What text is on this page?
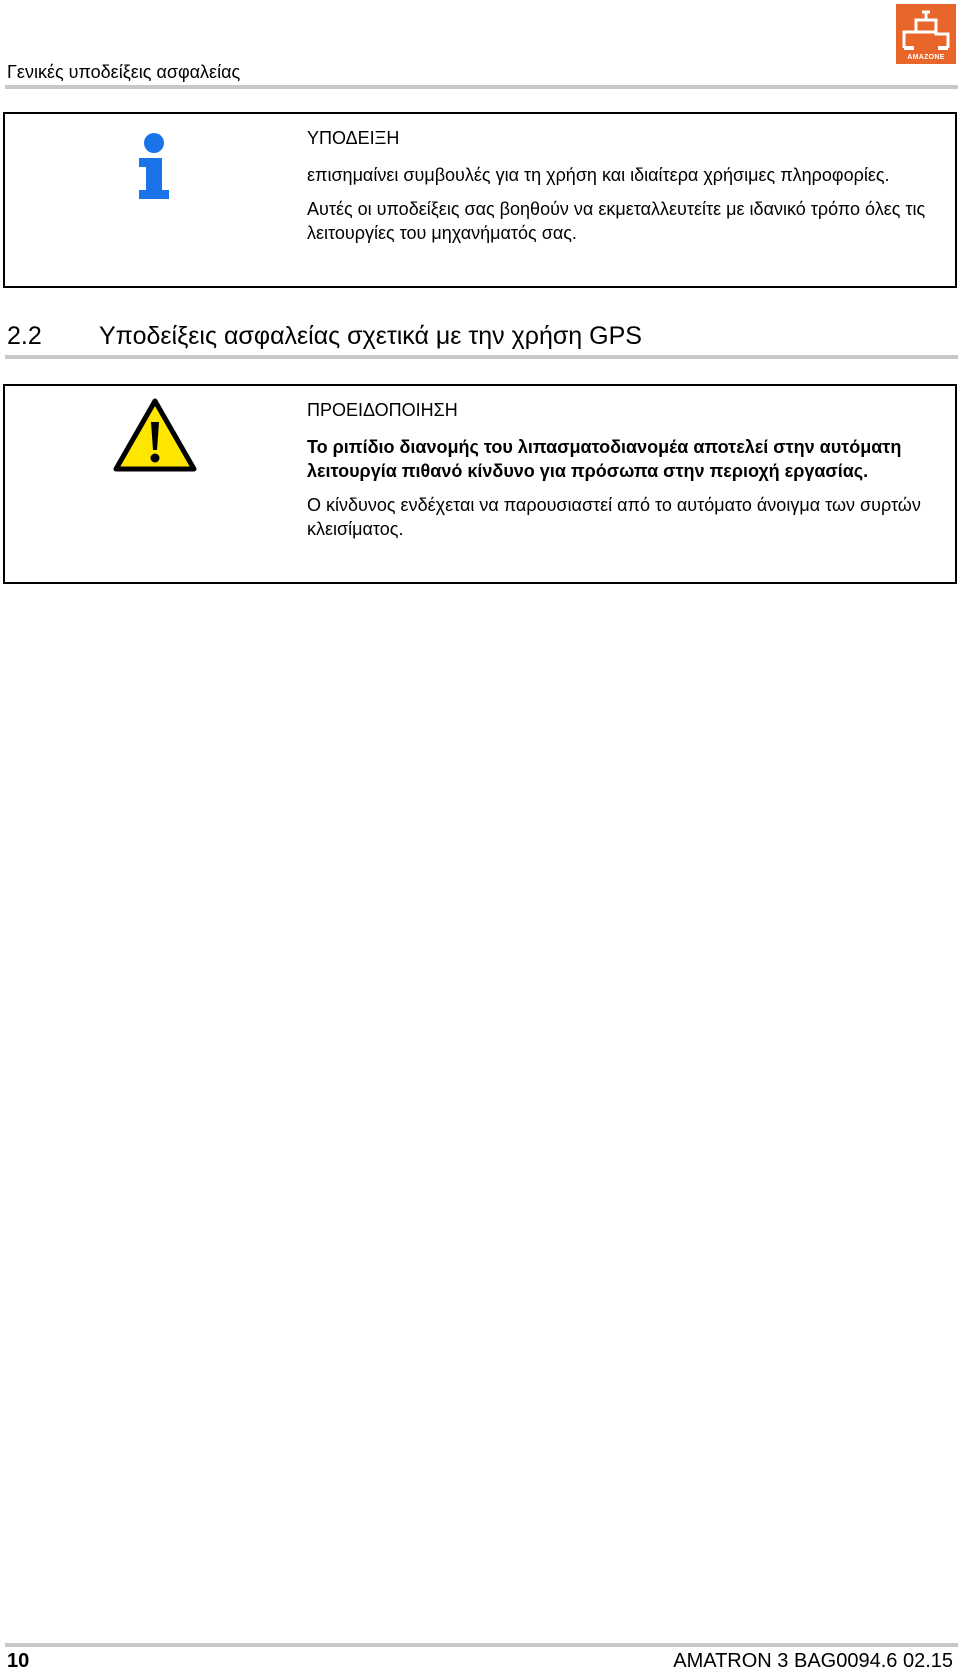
Γενικές υποδείξεις ασφαλείας
AMAZONE

ΥΠΟΔΕΙΞΗ

επισημαίνει συμβουλές για τη χρήση και ιδιαίτερα χρήσιμες πληροφορίες.

Αυτές οι υποδείξεις σας βοηθούν να εκμεταλλευτείτε με ιδανικό τρόπο όλες τις λειτουργίες του μηχανήματός σας.

2.2 Υποδείξεις ασφαλείας σχετικά με την χρήση GPS

ΠΡΟΕΙΔΟΠΟΙΗΣΗ

Το ριπίδιο διανομής του λιπασματοδιανομέα αποτελεί στην αυτόματη λειτουργία πιθανό κίνδυνο για πρόσωπα στην περιοχή εργασίας.

Ο κίνδυνος ενδέχεται να παρουσιαστεί από το αυτόματο άνοιγμα των συρτών κλεισίματος.

10	AMATRON 3 BAG0094.6 02.15
